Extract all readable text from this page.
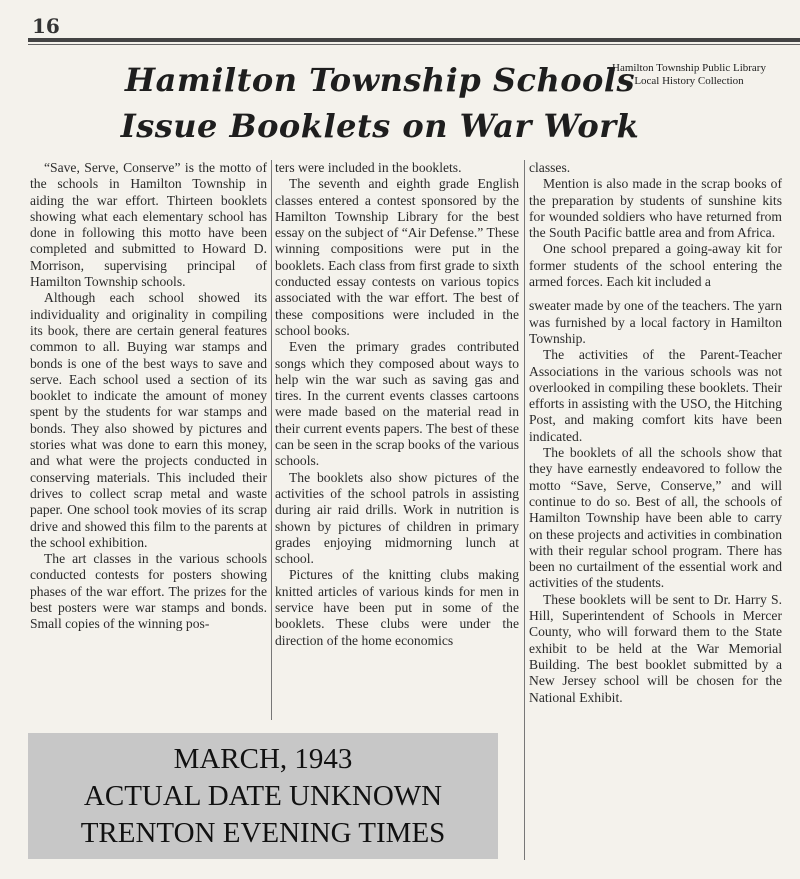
16
Hamilton Township Public Library
Local History Collection
Hamilton Township Schools
Issue Booklets on War Work

“Save, Serve, Conserve” is the motto of the schools in Hamilton Township in aiding the war effort. Thirteen booklets showing what each elementary school has done in following this motto have been completed and submitted to Howard D. Morrison, supervising principal of Hamilton Township schools.

Although each school showed its individuality and originality in compiling its book, there are certain general features common to all. Buying war stamps and bonds is one of the best ways to save and serve. Each school used a section of its booklet to indicate the amount of money spent by the students for war stamps and bonds. They also showed by pictures and stories what was done to earn this money, and what were the projects conducted in conserving materials. This included their drives to collect scrap metal and waste paper. One school took movies of its scrap drive and showed this film to the parents at the school exhibition.

The art classes in the various schools conducted contests for posters showing phases of the war effort. The prizes for the best posters were war stamps and bonds. Small copies of the winning pos-

ters were included in the booklets.

The seventh and eighth grade English classes entered a contest sponsored by the Hamilton Township Library for the best essay on the subject of “Air Defense.” These winning compositions were put in the booklets. Each class from first grade to sixth conducted essay contests on various topics associated with the war effort. The best of these compositions were included in the school books.

Even the primary grades contributed songs which they composed about ways to help win the war such as saving gas and tires. In the current events classes cartoons were made based on the material read in their current events papers. The best of these can be seen in the scrap books of the various schools.

The booklets also show pictures of the activities of the school patrols in assisting during air raid drills. Work in nutrition is shown by pictures of children in primary grades enjoying midmorning lunch at school.

Pictures of the knitting clubs making knitted articles of various kinds for men in service have been put in some of the booklets. These clubs were under the direction of the home economics

classes.

Mention is also made in the scrap books of the preparation by students of sunshine kits for wounded soldiers who have returned from the South Pacific battle area and from Africa.

One school prepared a going-away kit for former students of the school entering the armed forces. Each kit included a

sweater made by one of the teachers. The yarn was furnished by a local factory in Hamilton Township.

The activities of the Parent-Teacher Associations in the various schools was not overlooked in compiling these booklets. Their efforts in assisting with the USO, the Hitching Post, and making comfort kits have been indicated.

The booklets of all the schools show that they have earnestly endeavored to follow the motto “Save, Serve, Conserve,” and will continue to do so. Best of all, the schools of Hamilton Township have been able to carry on these projects and activities in combination with their regular school program. There has been no curtailment of the essential work and activities of the students.

These booklets will be sent to Dr. Harry S. Hill, Superintendent of Schools in Mercer County, who will forward them to the State exhibit to be held at the War Memorial Building. The best booklet submitted by a New Jersey school will be chosen for the National Exhibit.

MARCH, 1943
ACTUAL DATE UNKNOWN
TRENTON EVENING TIMES
